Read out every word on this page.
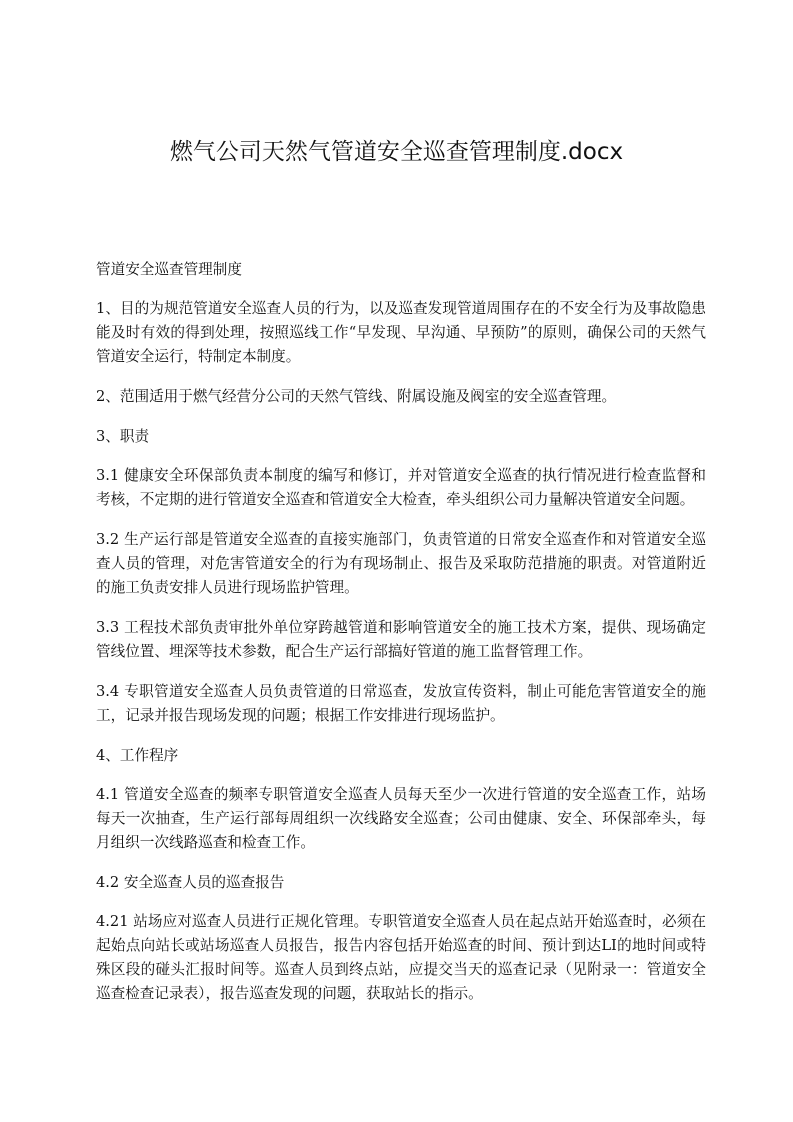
燃气公司天然气管道安全巡查管理制度.docx

管道安全巡查管理制度

1、目的为规范管道安全巡查人员的行为，以及巡查发现管道周围存在的不安全行为及事故隐患能及时有效的得到处理，按照巡线工作“早发现、早沟通、早预防”的原则，确保公司的天然气管道安全运行，特制定本制度。

2、范围适用于燃气经营分公司的天然气管线、附属设施及阀室的安全巡查管理。

3、职责

3.1 健康安全环保部负责本制度的编写和修订，并对管道安全巡查的执行情况进行检查监督和考核，不定期的进行管道安全巡查和管道安全大检查，牵头组织公司力量解决管道安全问题。

3.2 生产运行部是管道安全巡查的直接实施部门，负责管道的日常安全巡查作和对管道安全巡查人员的管理，对危害管道安全的行为有现场制止、报告及采取防范措施的职责。对管道附近的施工负责安排人员进行现场监护管理。

3.3 工程技术部负责审批外单位穿跨越管道和影响管道安全的施工技术方案，提供、现场确定管线位置、埋深等技术参数，配合生产运行部搞好管道的施工监督管理工作。

3.4 专职管道安全巡查人员负责管道的日常巡查，发放宣传资料，制止可能危害管道安全的施工，记录并报告现场发现的问题；根据工作安排进行现场监护。

4、工作程序

4.1 管道安全巡查的频率专职管道安全巡查人员每天至少一次进行管道的安全巡查工作，站场每天一次抽查，生产运行部每周组织一次线路安全巡查；公司由健康、安全、环保部牵头，每月组织一次线路巡查和检查工作。

4.2 安全巡查人员的巡查报告

4.21 站场应对巡查人员进行正规化管理。专职管道安全巡查人员在起点站开始巡查时，必须在起始点向站长或站场巡查人员报告，报告内容包括开始巡查的时间、预计到达LI的地时间或特殊区段的碰头汇报时间等。巡查人员到终点站，应提交当天的巡查记录（见附录一：管道安全巡查检查记录表），报告巡查发现的问题，获取站长的指示。
